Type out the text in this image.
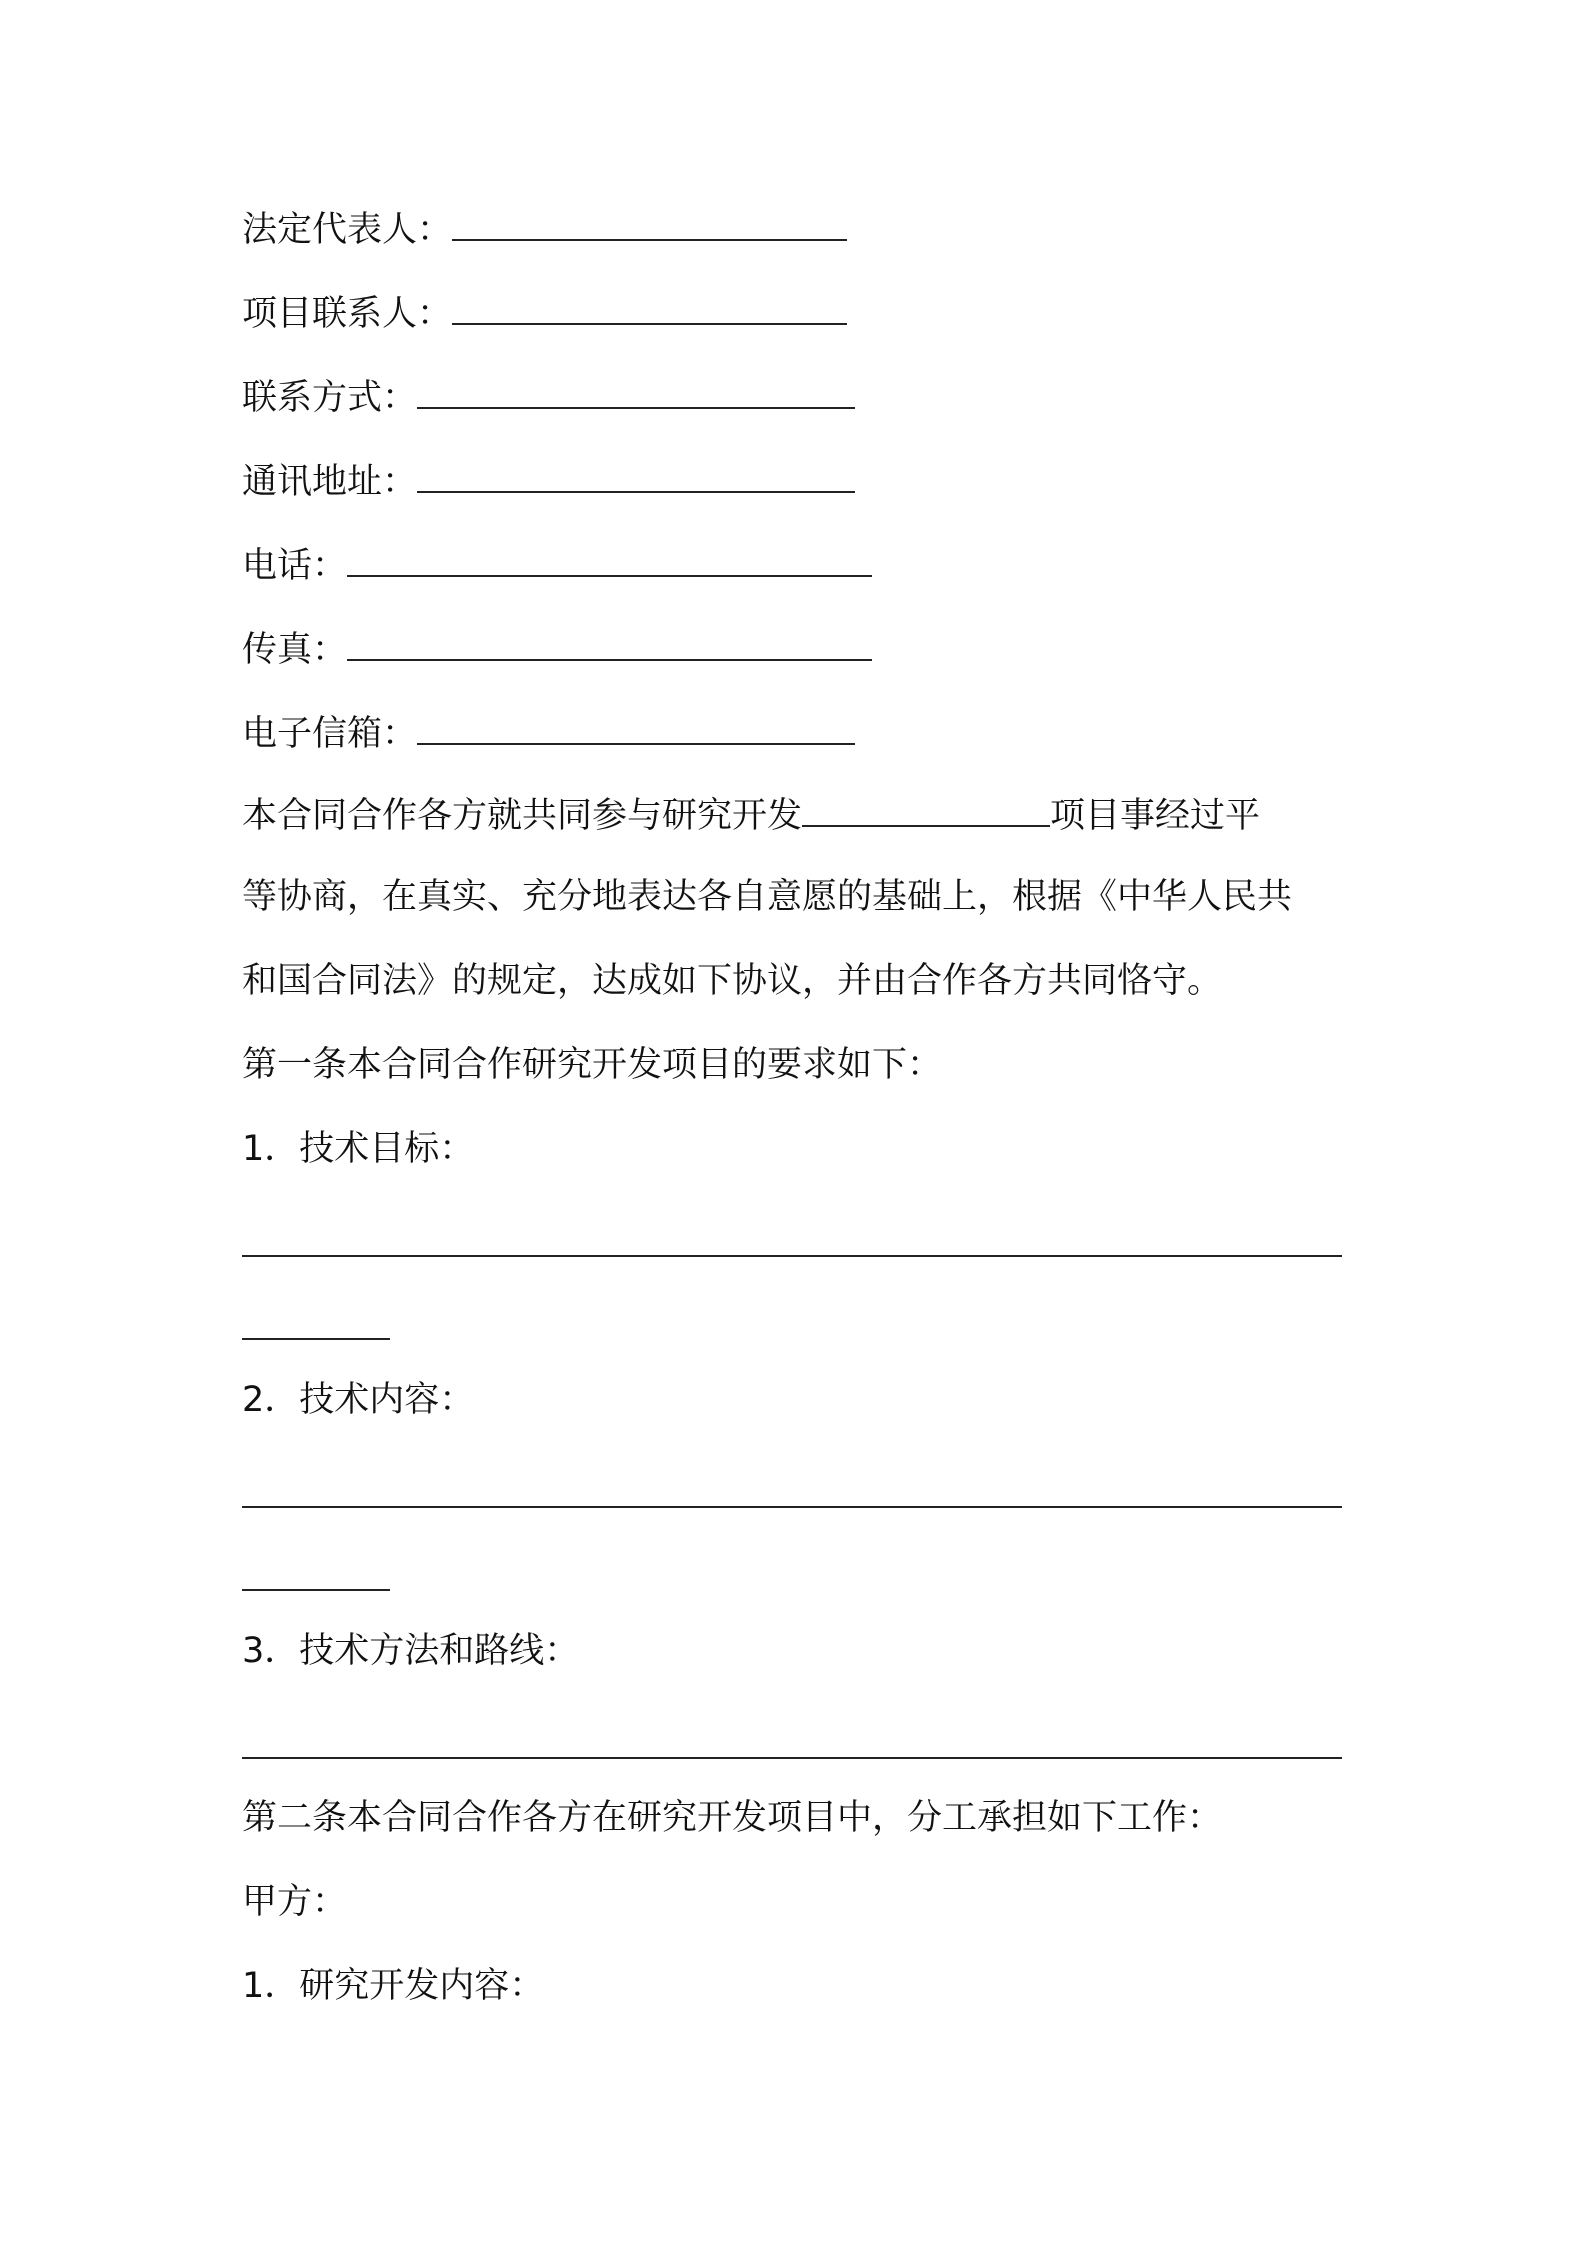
法定代表人：
项目联系人：
联系方式：
通讯地址：
电话：
传真：
电子信箱：
本合同合作各方就共同参与研究开发	项目事经过平
等协商，在真实、充分地表达各自意愿的基础上，根据《中华人民共
和国合同法》的规定，达成如下协议，并由合作各方共同恪守。
第一条本合同合作研究开发项目的要求如下：
1．技术目标：
2．技术内容：
3．技术方法和路线：
第二条本合同合作各方在研究开发项目中，分工承担如下工作：
甲方：
1．研究开发内容：
